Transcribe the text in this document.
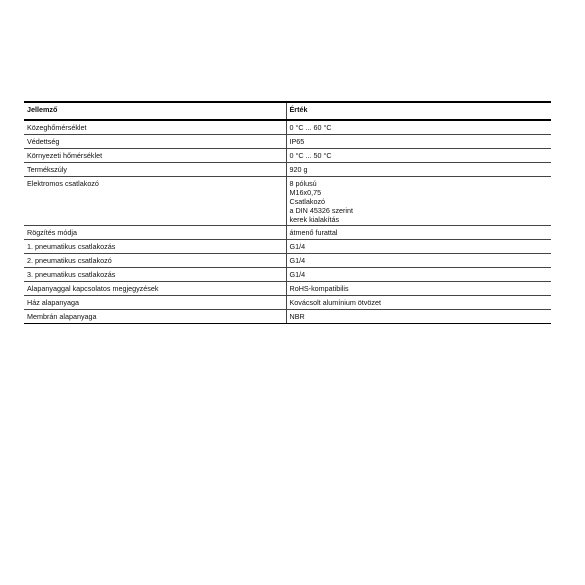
Jellemző	Érték
Közeghőmérséklet	0 °C ... 60 °C

Védettség	IP65

Környezeti hőmérséklet	0 °C ... 50 °C

Termékszúly	920 g

Elektromos csatlakozó	8 pólusú
M16x0,75
Csatlakozó
a DIN 45326 szerint
kerek kialakítás

Rögzítés módja	átmenő furattal

1. pneumatikus csatlakozás	G1/4

2. pneumatikus csatlakozó	G1/4

3. pneumatikus csatlakozás	G1/4

Alapanyaggal kapcsolatos megjegyzések	RoHS-kompatibilis

Ház alapanyaga	Kovácsolt alumínium ötvözet

Membrán alapanyaga	NBR
